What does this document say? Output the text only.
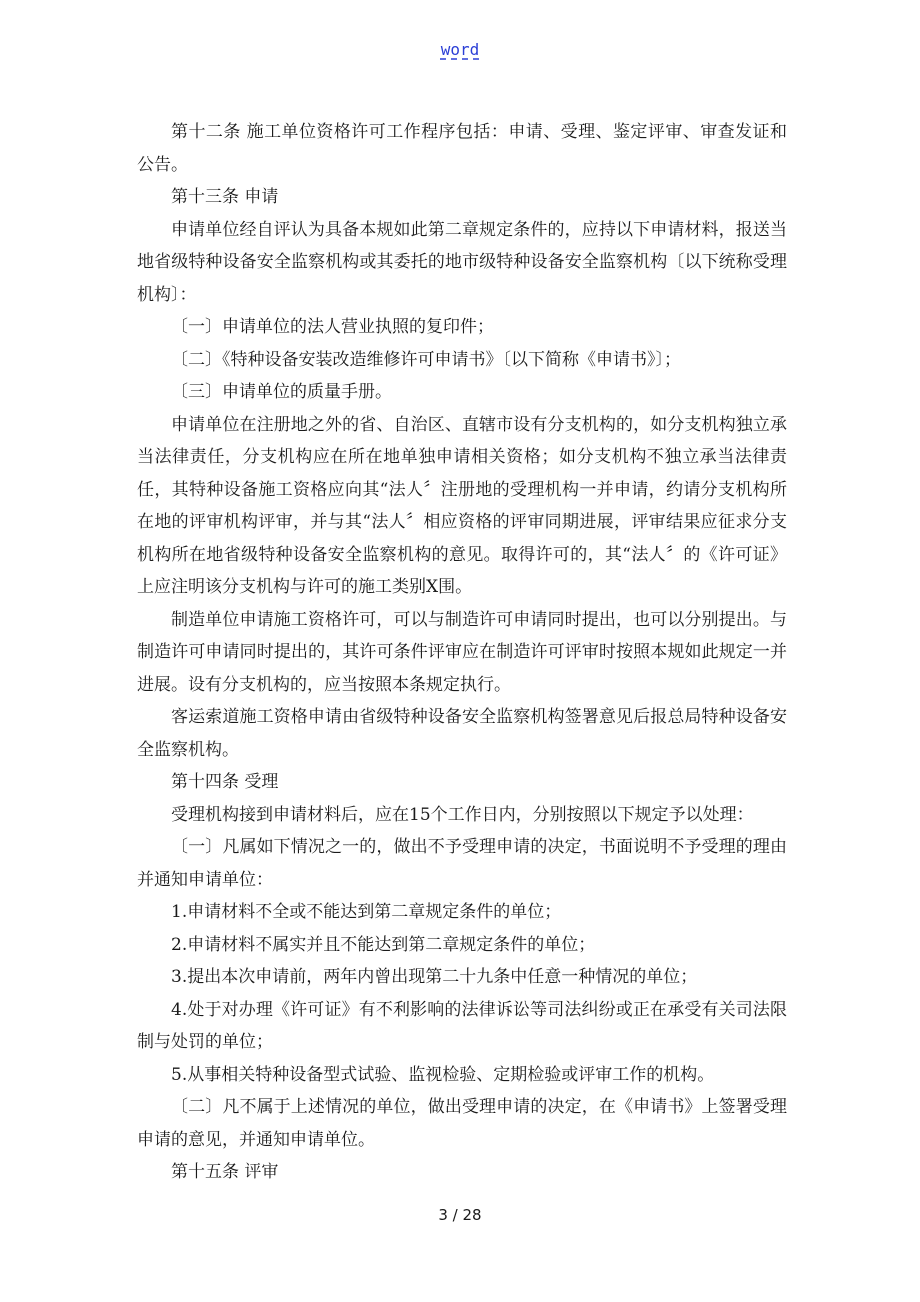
word

第十二条 施工单位资格许可工作程序包括：申请、受理、鉴定评审、审查发证和公告。

第十三条 申请

申请单位经自评认为具备本规如此第二章规定条件的，应持以下申请材料，报送当地省级特种设备安全监察机构或其委托的地市级特种设备安全监察机构〔以下统称受理机构〕：

〔一〕申请单位的法人营业执照的复印件；

〔二〕《特种设备安装改造维修许可申请书》〔以下简称《申请书》〕；

〔三〕申请单位的质量手册。

申请单位在注册地之外的省、自治区、直辖市设有分支机构的，如分支机构独立承当法律责任，分支机构应在所在地单独申请相关资格；如分支机构不独立承当法律责任，其特种设备施工资格应向其“法人〞注册地的受理机构一并申请，约请分支机构所在地的评审机构评审，并与其“法人〞相应资格的评审同期进展，评审结果应征求分支机构所在地省级特种设备安全监察机构的意见。取得许可的，其“法人〞的《许可证》上应注明该分支机构与许可的施工类别X围。

制造单位申请施工资格许可，可以与制造许可申请同时提出，也可以分别提出。与制造许可申请同时提出的，其许可条件评审应在制造许可评审时按照本规如此规定一并进展。设有分支机构的，应当按照本条规定执行。

客运索道施工资格申请由省级特种设备安全监察机构签署意见后报总局特种设备安全监察机构。

第十四条 受理

受理机构接到申请材料后，应在15个工作日内，分别按照以下规定予以处理：

〔一〕凡属如下情况之一的，做出不予受理申请的决定，书面说明不予受理的理由并通知申请单位：

1.申请材料不全或不能达到第二章规定条件的单位；

2.申请材料不属实并且不能达到第二章规定条件的单位；

3.提出本次申请前，两年内曾出现第二十九条中任意一种情况的单位；

4.处于对办理《许可证》有不利影响的法律诉讼等司法纠纷或正在承受有关司法限制与处罚的单位；

5.从事相关特种设备型式试验、监视检验、定期检验或评审工作的机构。

〔二〕凡不属于上述情况的单位，做出受理申请的决定，在《申请书》上签署受理申请的意见，并通知申请单位。

第十五条 评审

3 / 28
